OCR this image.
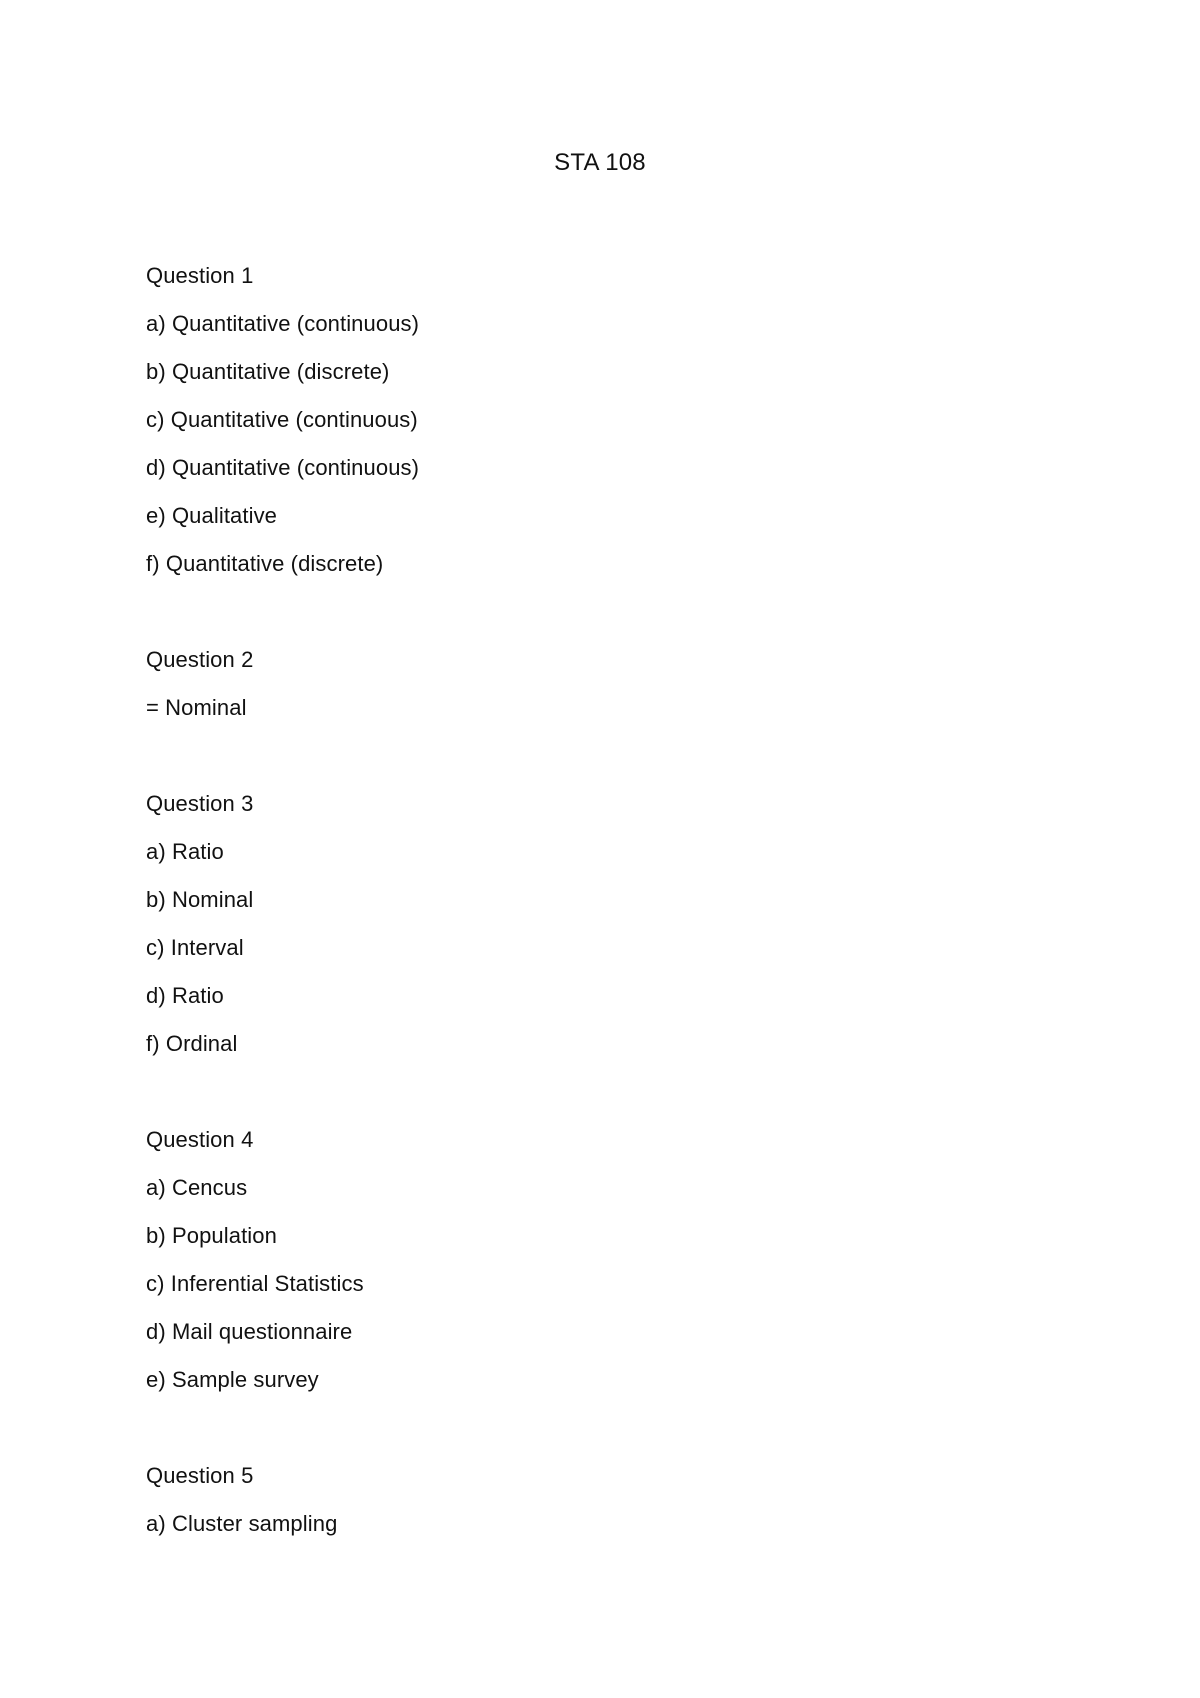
STA 108
Question 1
a) Quantitative (continuous)
b) Quantitative (discrete)
c) Quantitative (continuous)
d) Quantitative (continuous)
e) Qualitative
f) Quantitative (discrete)
Question 2
= Nominal
Question 3
a) Ratio
b) Nominal
c) Interval
d) Ratio
f) Ordinal
Question 4
a) Cencus
b) Population
c) Inferential Statistics
d) Mail questionnaire
e) Sample survey
Question 5
a) Cluster sampling
